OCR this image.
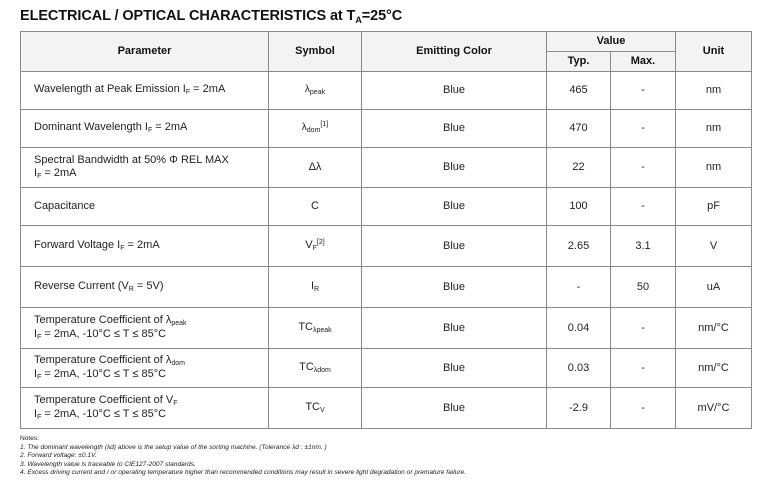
ELECTRICAL / OPTICAL CHARACTERISTICS at $T_A=25^\circ C$
Parameter	Symbol	Emitting Color	Value		Unit
			Typ.	Max.	

Wavelength at Peak Emission $I_F = 2mA$	$\lambda_{peak}$	Blue	465	-	nm

Dominant Wavelength $I_F = 2mA$	$\lambda_{dom}[1]$	Blue	470	-	nm

Spectral Bandwidth at 50% Φ REL MAX
$I_F = 2mA$	Δλ	Blue	22	-	nm

Capacitance	C	Blue	100	-	pF

Forward Voltage $I_F = 2mA$	$V_F[2]$	Blue	2.65	3.1	V

Reverse Current $(V_R = 5V)$	$I_R$	Blue	-	50	uA

Temperature Coefficient of $\lambda_{peak}$
$I_F = 2mA$, -10°C ≤ T ≤ 85°C	$TC_{\lambda peak}$	Blue	0.04	-	nm/°C

Temperature Coefficient of $\lambda_{dom}$
$I_F = 2mA$, -10°C ≤ T ≤ 85°C	$TC_{\lambda dom}$	Blue	0.03	-	nm/°C

Temperature Coefficient of $V_F$
$I_F = 2mA$, -10°C ≤ T ≤ 85°C	$TC_V$	Blue	-2.9	-	mV/°C
Notes:
1. The dominant wavelength (λd) above is the setup value of the sorting machine. (Tolerance λd : ±1nm. )
2. Forward voltage: ±0.1V.
3. Wavelength value is traceable to CIE127-2007 standards.
4. Excess driving current and / or operating temperature higher than recommended conditions may result in severe light degradation or premature failure.
